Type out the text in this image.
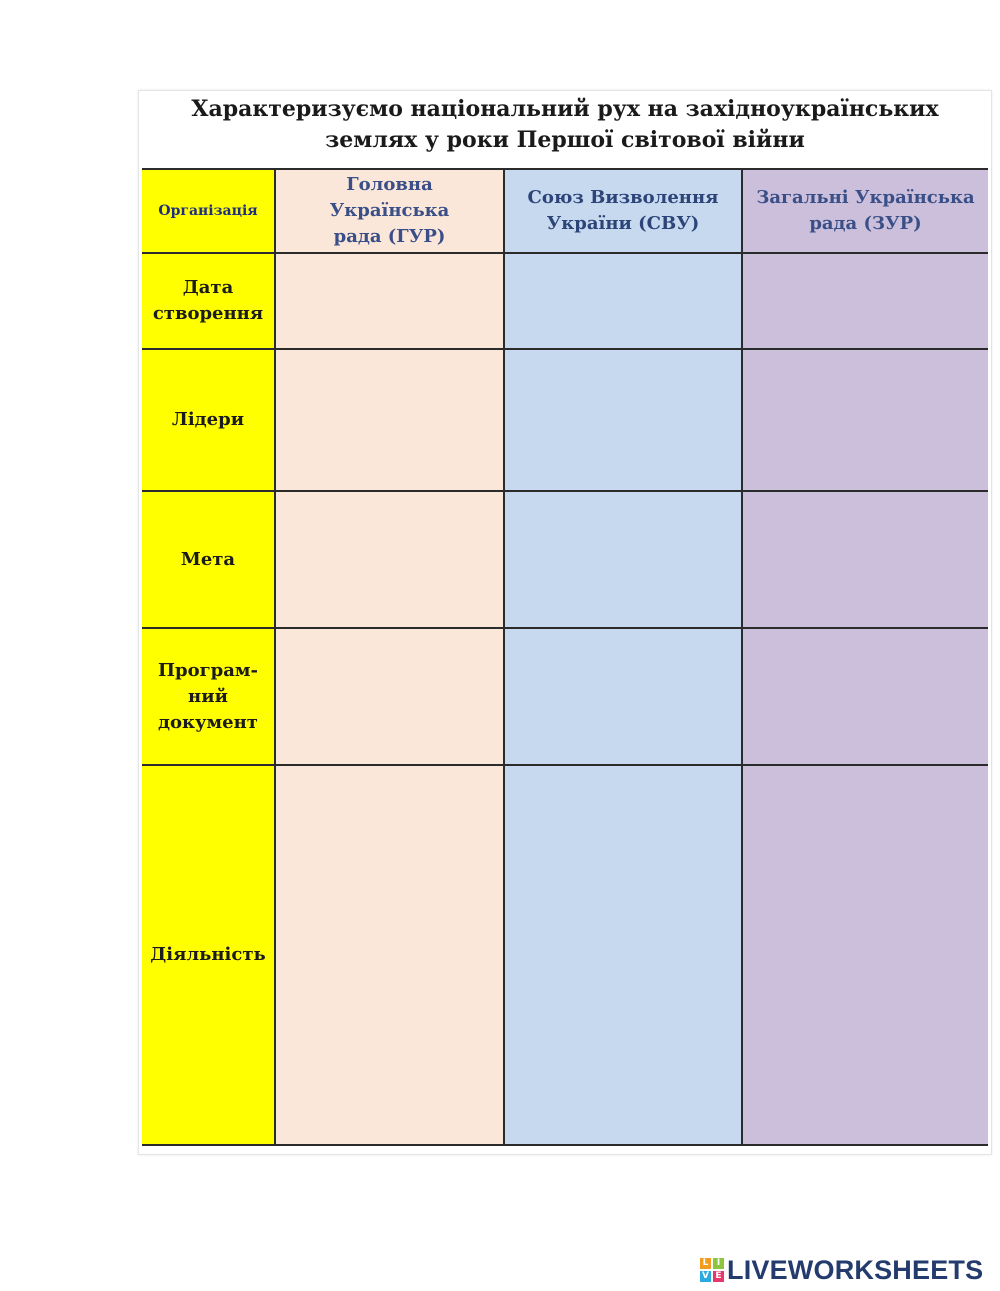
Характеризуємо національний рух на західноукраїнських
землях у роки Першої світової війни
Організація
Головна Українська
рада (ГУР)
Союз Визволення
України (СВУ)
Загальні Українська
рада (ЗУР)
Дата
створення
Лідери
Мета
Програм-
ний
документ
Діяльність
L I
V E LIVEWORKSHEETS
